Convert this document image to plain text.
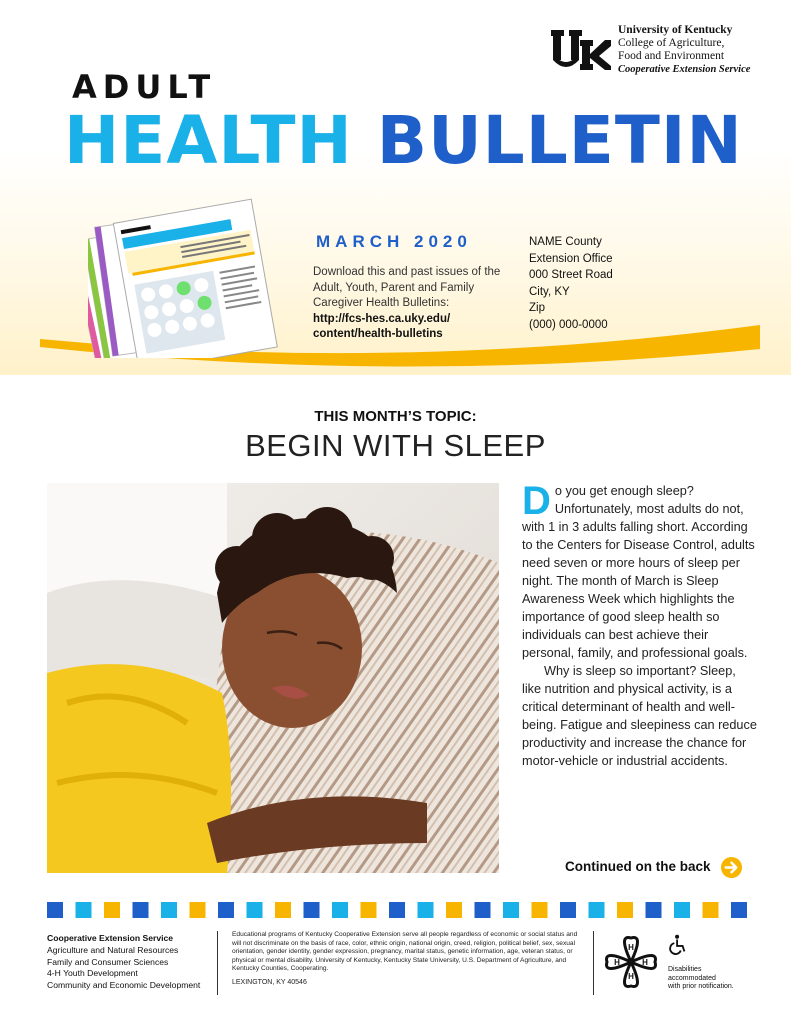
ADULT
HEALTH BULLETIN
University of Kentucky
College of Agriculture,
Food and Environment
Cooperative Extension Service
MARCH 2020
Download this and past issues of the Adult, Youth, Parent and Family Caregiver Health Bulletins:
http://fcs-hes.ca.uky.edu/
content/health-bulletins
NAME County
Extension Office
000 Street Road
City, KY
Zip
(000) 000-0000
THIS MONTH’S TOPIC:
BEGIN WITH SLEEP

Do you get enough sleep? Unfortunately, most adults do not, with 1 in 3 adults falling short. According to the Centers for Disease Control, adults need seven or more hours of sleep per night. The month of March is Sleep Awareness Week which highlights the importance of good sleep health so individuals can best achieve their personal, family, and professional goals.

Why is sleep so important? Sleep, like nutrition and physical activity, is a critical determinant of health and well-being. Fatigue and sleepiness can reduce productivity and increase the chance for motor-vehicle or industrial accidents.

Continued on the back
Cooperative Extension Service
Agriculture and Natural Resources
Family and Consumer Sciences
4-H Youth Development
Community and Economic Development
Educational programs of Kentucky Cooperative Extension serve all people regardless of economic or social status and will not discriminate on the basis of race, color, ethnic origin, national origin, creed, religion, political belief, sex, sexual orientation, gender identity, gender expression, pregnancy, marital status, genetic information, age, veteran status, or physical or mental disability. University of Kentucky, Kentucky State University, U.S. Department of Agriculture, and Kentucky Counties, Cooperating.
LEXINGTON, KY 40546
H
H
H
H
Disabilities
accommodated
with prior notification.
